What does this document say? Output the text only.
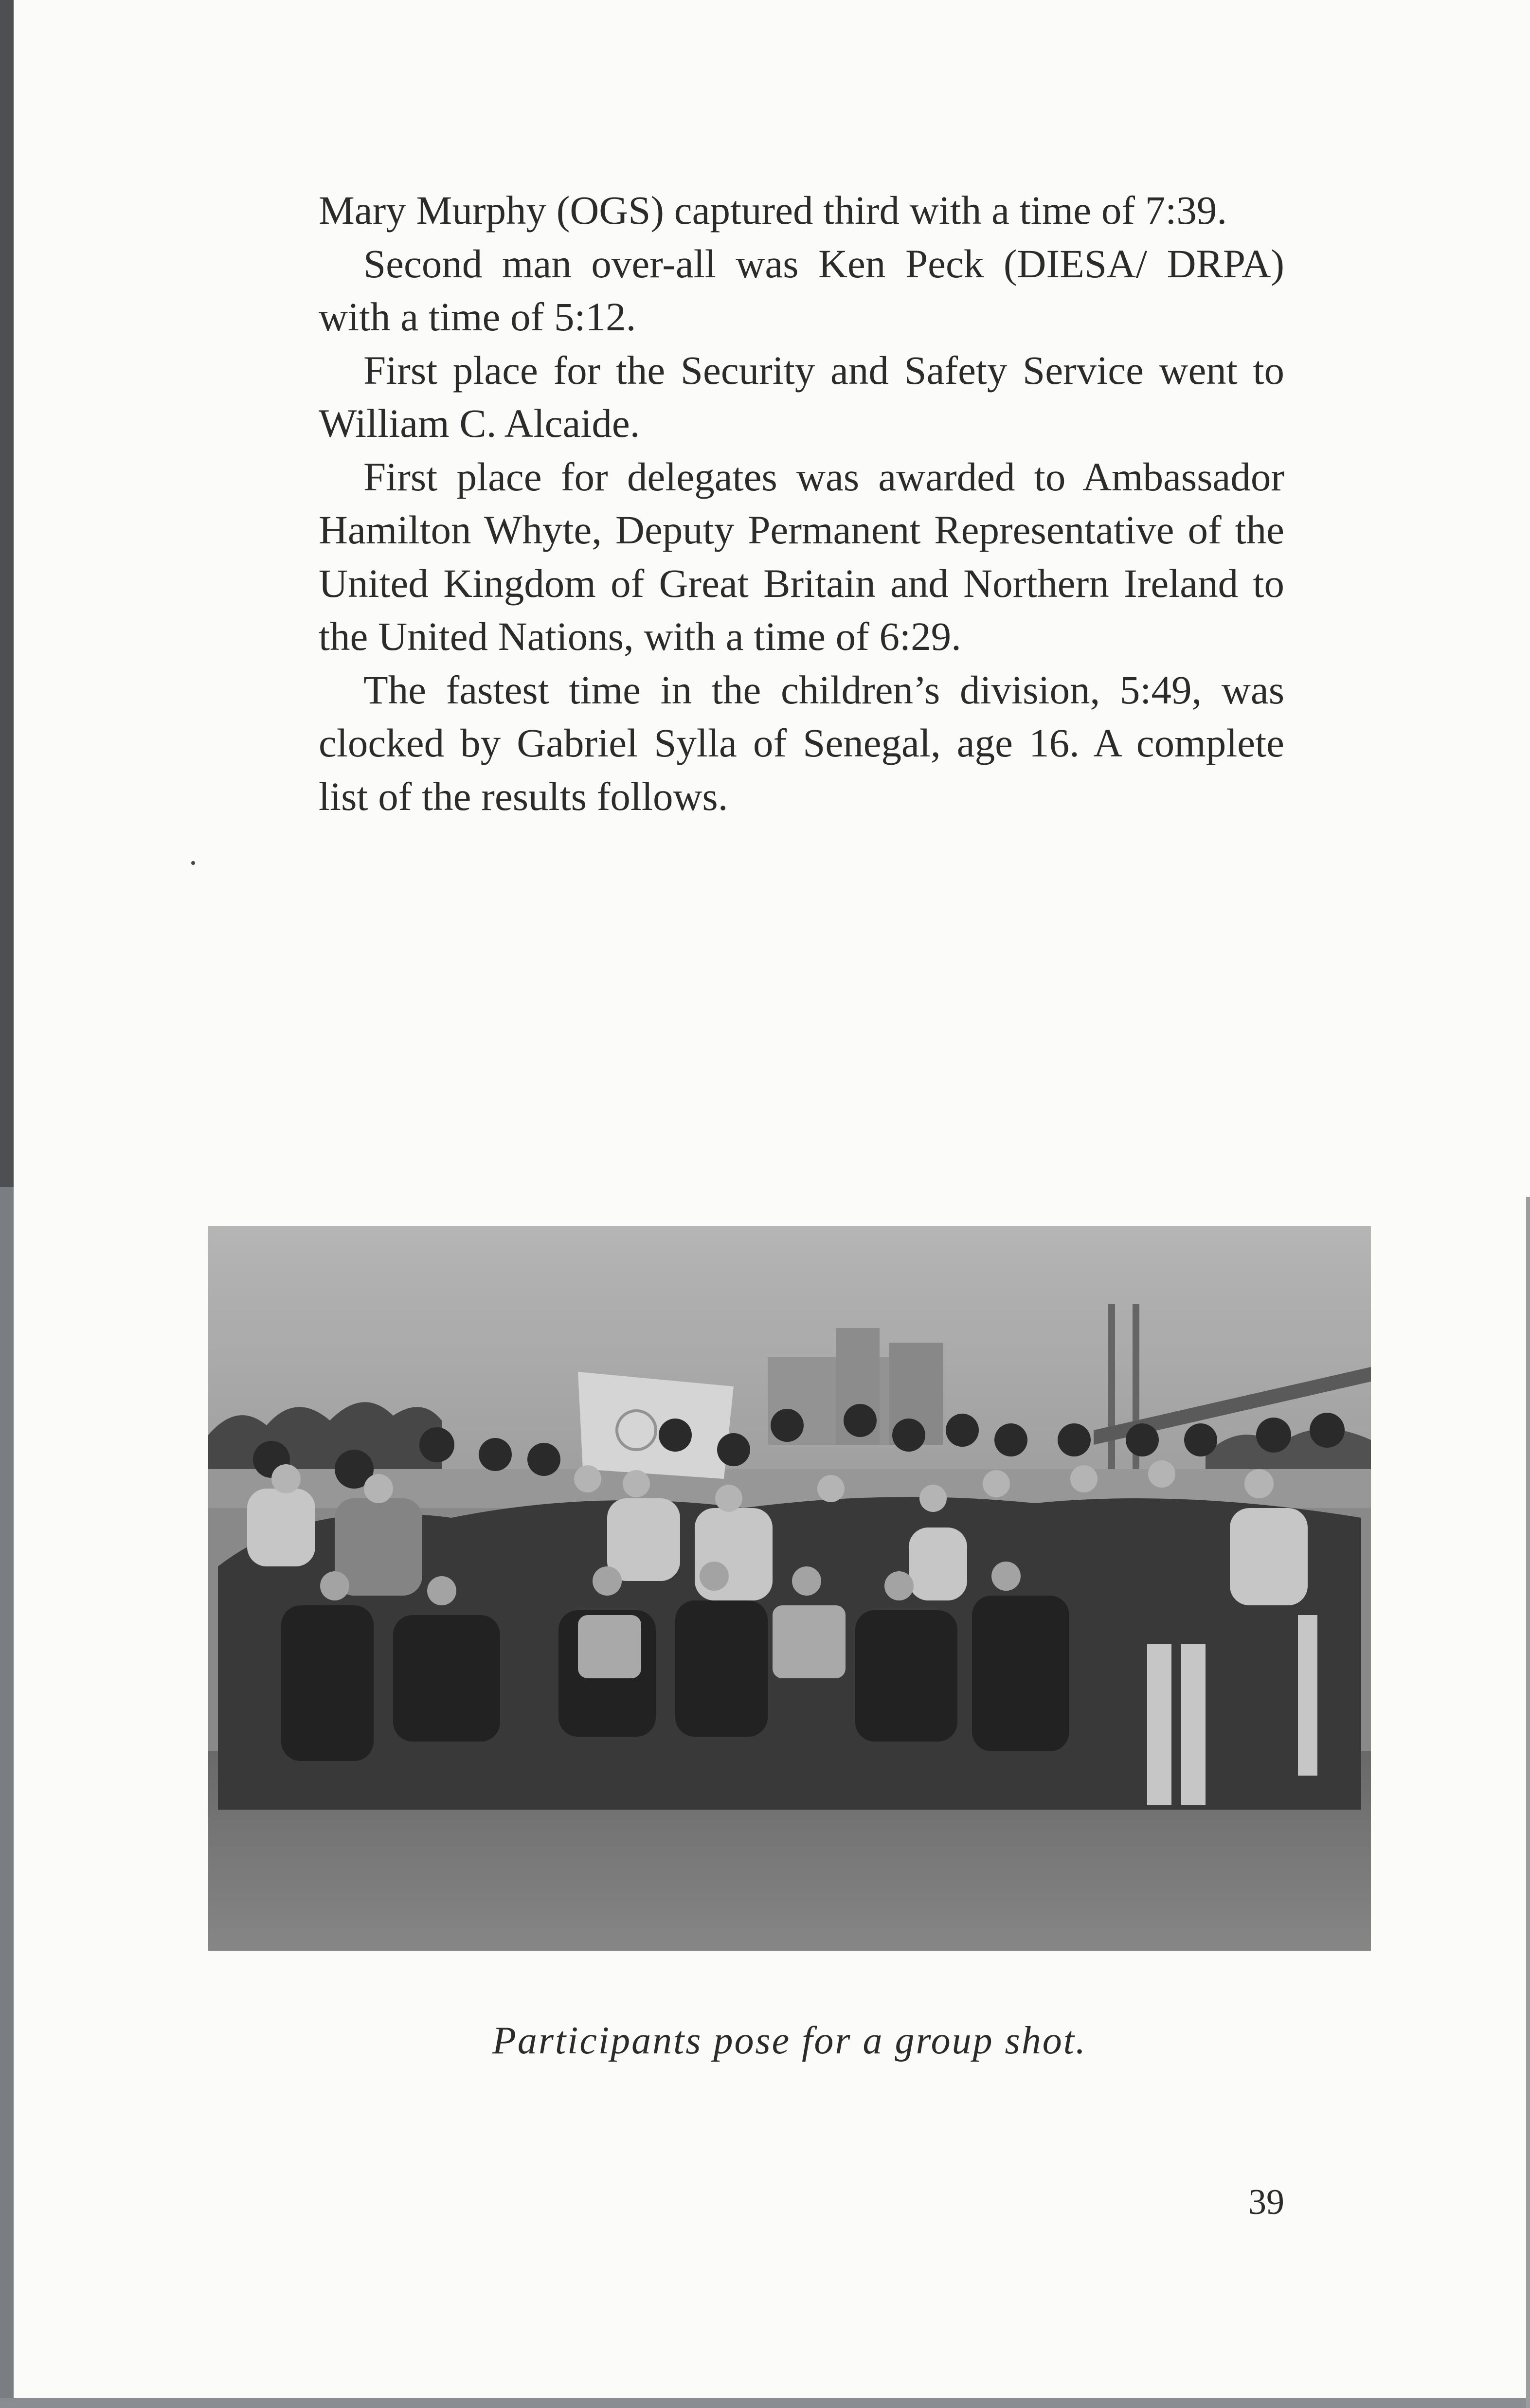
Mary Murphy (OGS) captured third with a time of 7:39.

Second man over-all was Ken Peck (DIESA/ DRPA) with a time of 5:12.

First place for the Security and Safety Service went to William C. Alcaide.

First place for delegates was awarded to Ambassador Hamilton Whyte, Deputy Permanent Representative of the United Kingdom of Great Britain and Northern Ireland to the United Nations, with a time of 6:29.

The fastest time in the children’s division, 5:49, was clocked by Gabriel Sylla of Senegal, age 16. A complete list of the results follows.

Participants pose for a group shot.
39
